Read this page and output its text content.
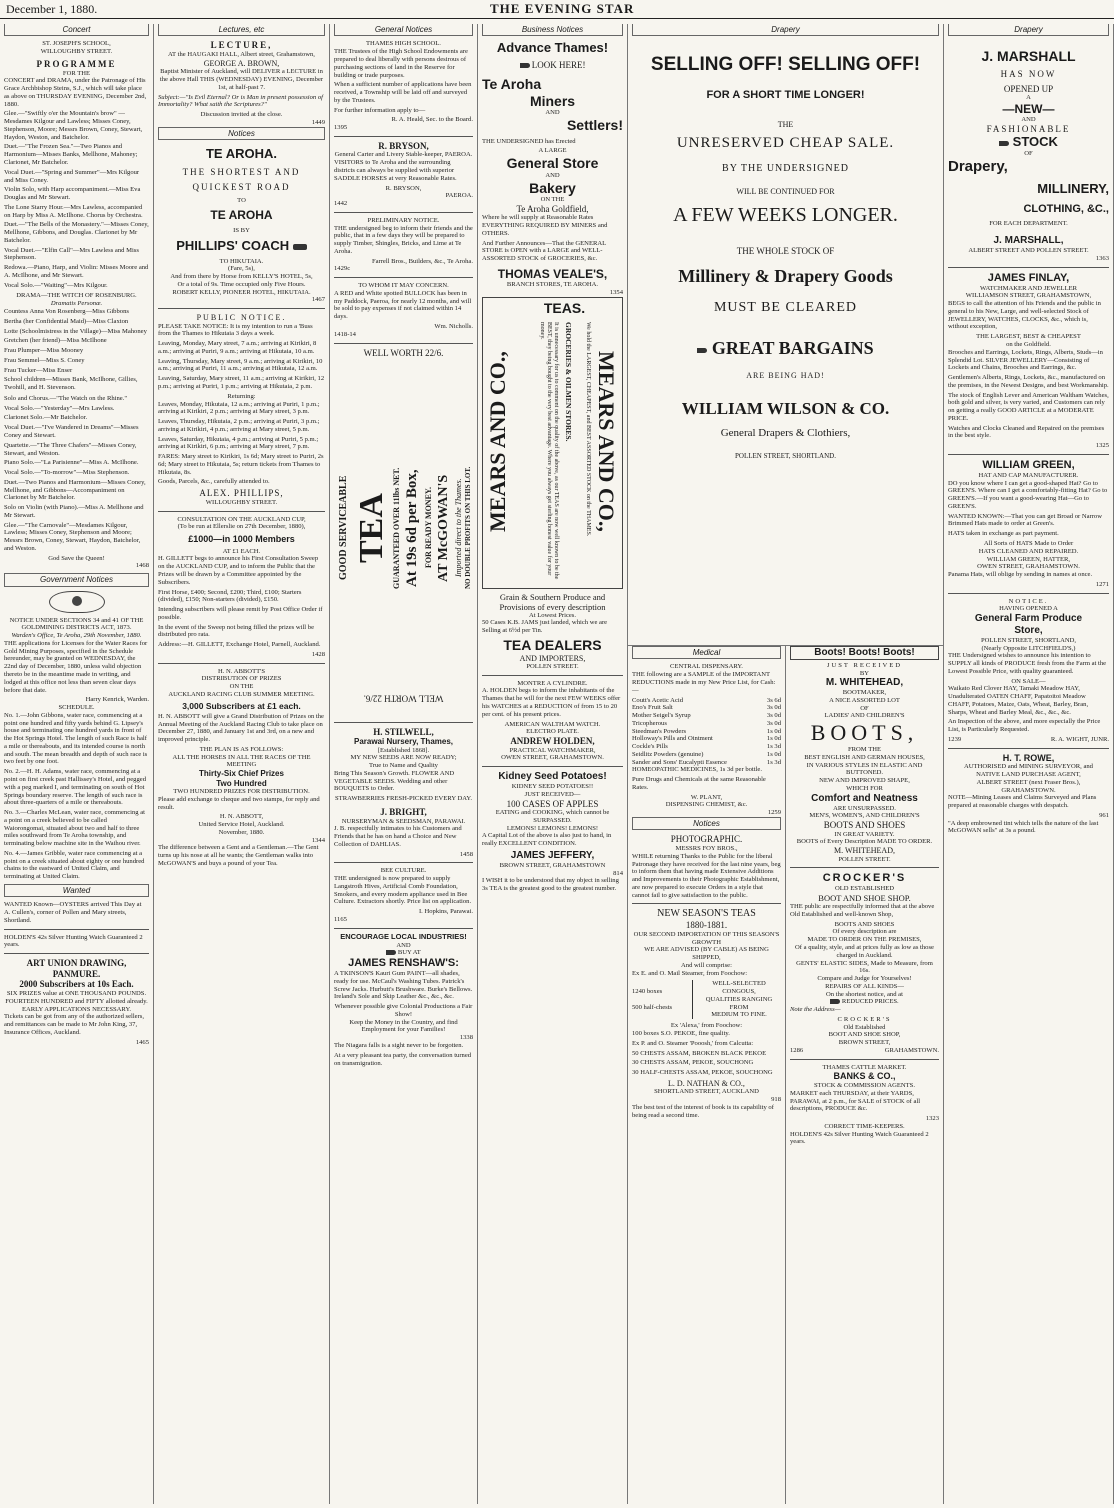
December 1, 1880.	THE EVENING STAR
Concert
ST. JOSEPH'S SCHOOL,
WILLOUGHBY STREET.
PROGRAMME
FOR THE
CONCERT and DRAMA, under the Patronage of His Grace Archbishop Steins, S.J., which will take place as above on THURSDAY EVENING, December 2nd, 1880.
Glee.—"Swiftly o'er the Mountain's brow" —Mesdames Kilgour and Lawless; Misses Coney, Stephenson, Moore; Messrs Brown, Coney, Stewart, Haydon, Weston, and Batchelor.
Duet.—"The Frozen Sea."—Two Pianos and Harmonium—Misses Banks, Mellhone, Mahoney; Clarionet, Mr Batchelor.
Vocal Duet.—"Spring and Summer"—Mrs Kilgour and Miss Coney.
Violin Solo, with Harp accompaniment.—Miss Eva Douglas and Mr Stewart.
The Lone Starry Hour.—Mrs Lawless, accompanied on Harp by Miss A. McIlhone. Chorus by Orchestra.
Duet.—"The Bells of the Monastery."—Misses Coney, Mellhone, Gibbons, and Douglas. Clarionet by Mr Batchelor.
Vocal Duet.—"Elfin Call"—Mrs Lawless and Miss Stephenson.
Redowa.—Piano, Harp, and Violin: Misses Moore and A. McIlhone, and Mr Stewart.
Vocal Solo.—"Waiting"—Mrs Kilgour.
DRAMA—THE WITCH OF ROSENBURG.
Dramatis Personæ.
Countess Anna Von Rosenberg—Miss Gibbons
Bertha (her Confidential Maid)—Miss Claxton
Lotte (Schoolmistress in the Village)—Miss Mahoney
Gretchen (her friend)—Miss McIlhone
Frau Plumper—Miss Mooney
Frau Semmel—Miss S. Coney
Frau Tucker—Miss Enser
School children—Misses Bank, McIlhone, Gillies, Twohill, and H. Stevenson.
Solo and Chorus.—"The Watch on the Rhine."
Vocal Solo.—"Yesterday"—Mrs Lawless.
Clarionet Solo.—Mr Batchelor.
Vocal Duet.—"I've Wandered in Dreams"—Misses Coney and Stewart.
Quartette.—"The Three Chafers"—Misses Coney, Stewart, and Weston.
Piano Solo.—"La Parisienne"—Miss A. McIlhone.
Vocal Solo.—"To-morrow"—Miss Stephenson.
Duet.—Two Pianos and Harmonium—Misses Coney, Mellhone, and Gibbons—Accompaniment on Clarionet by Mr Batchelor.
Solo on Violin (with Piano).—Miss A. Mellhone and Mr Stewart.
Glee.—"The Carnovale"—Mesdames Kilgour, Lawless; Misses Coney, Stephenson and Moore; Messrs Brown, Coney, Stewart, Haydon, Batchelor, and Weston.
God Save the Queen!
1468
Government Notices
NOTICE UNDER SECTIONS 34 and 41 OF THE GOLDMINING DISTRICTS ACT, 1873.
Warden's Office, Te Aroha, 29th November, 1880.
THE applications for Licenses for the Water Races for Gold Mining Purposes, specified in the Schedule hereunder, may be granted on WEDNESDAY, the 22nd day of December, 1880, unless valid objection thereto be in the meantime made in writing, and lodged at this office not less than seven clear days before that date.
Harry Kenrick, Warden.
SCHEDULE.
No. 1.—John Gibbons, water race, commencing at a point one hundred and fifty yards behind G. Lipsey's house and terminating one hundred yards in front of the Hot Springs Hotel. The length of such Race is half a mile or thereabouts, and its intended course is north and south. The mean breadth and depth of such race is two feet by one foot.
No. 2.—H. H. Adams, water race, commencing at a point on first creek past Hallissey's Hotel, and pegged with a peg marked I, and terminating on south of Hot Springs boundary reserve. The length of such race is about three-quarters of a mile or thereabouts.
No. 3.—Charles McLean, water race, commencing at a point on a creek believed to be called Waiorongomai, situated about two and half to three miles southward from Te Aroha township, and terminating below machine site in the Waihou river.
No. 4.—James Gribble, water race commencing at a point on a creek situated about eighty or one hundred chains to the eastward of United Claim, and terminating at United Claim.
Wanted
WANTED Known—OYSTERS arrived This Day at A. Cullen's, corner of Pollen and Mary streets, Shortland.
HOLDEN'S 42s Silver Hunting Watch Guaranteed 2 years.
ART UNION DRAWING, PANMURE.
2000 Subscribers at 10s Each.
SIX PRIZES value at ONE THOUSAND POUNDS.
FOURTEEN HUNDRED and FIFTY allotted already.
EARLY APPLICATIONS NECESSARY.
Tickets can be got from any of the authorized sellers, and remittances can be made to Mr John King, 37, Insurance Offices, Auckland.
1465
Lectures, etc
LECTURE,
AT the HAUGAKI HALL, Albert street, Grahamstown,
GEORGE A. BROWN,
Baptist Minister of Auckland, will DELIVER a LECTURE in the above Hall THIS (WEDNESDAY) EVENING, December 1st, at half-past 7.
Subject:—"Is Evil Eternal? Or is Man in present possession of Immortality? What saith the Scriptures?"
Discussion invited at the close.
1449
Notices
TE AROHA.
THE SHORTEST AND
QUICKEST ROAD
TO
TE AROHA
IS BY
PHILLIPS' COACH
TO HIKUTAIA.
(Fare, 5s),
And from there by Horse from KELLY'S HOTEL, 5s,
Or a total of 9s. Time occupied only Five Hours.
ROBERT KELLY, PIONEER HOTEL, HIKUTAIA.
1467
PUBLIC NOTICE.
PLEASE TAKE NOTICE: It is my intention to run a 'Buss from the Thames to Hikutaia 3 days a week.
Leaving, Monday, Mary street, 7 a.m.; arriving at Kirikiri, 8 a.m.; arriving at Puriri, 9 a.m.; arriving at Hikutaia, 10 a.m.
Leaving, Thursday, Mary street, 9 a.m.; arriving at Kirikiri, 10 a.m.; arriving at Puriri, 11 a.m.; arriving at Hikutaia, 12 a.m.
Leaving, Saturday, Mary street, 11 a.m.; arriving at Kirikiri, 12 p.m.; arriving at Puriri, 1 p.m.; arriving at Hikutaia, 2 p.m.
Returning:
Leaves, Monday, Hikutaia, 12 a.m.; arriving at Puriri, 1 p.m.; arriving at Kirikiri, 2 p.m.; arriving at Mary street, 3 p.m.
Leaves, Thursday, Hikutaia, 2 p.m.; arriving at Puriri, 3 p.m.; arriving at Kirikiri, 4 p.m.; arriving at Mary street, 5 p.m.
Leaves, Saturday, Hikutaia, 4 p.m.; arriving at Puriri, 5 p.m.; arriving at Kirikiri, 6 p.m.; arriving at Mary street, 7 p.m.
FARES: Mary street to Kirikiri, 1s 6d; Mary street to Puriri, 2s 6d; Mary street to Hikutaia, 5s; return tickets from Thames to Hikutaia, 8s.
Goods, Parcels, &c., carefully attended to.
ALEX. PHILLIPS,
WILLOUGHBY STREET.
CONSULTATION ON THE AUCKLAND CUP,
(To be run at Ellerslie on 27th December, 1880),
£1000—in 1000 Members
AT £1 EACH.
H. GILLETT begs to announce his First Consultation Sweep on the AUCKLAND CUP, and to inform the Public that the Prizes will be drawn by a Committee appointed by the Subscribers.
First Horse, £400; Second, £200; Third, £100; Starters (divided), £150; Non-starters (divided), £150.
Intending subscribers will please remit by Post Office Order if possible.
In the event of the Sweep not being filled the prizes will be distributed pro rata.
Address:—H. GILLETT, Exchange Hotel, Parnell, Auckland.
1428
H. N. ABBOTT'S
DISTRIBUTION OF PRIZES
ON THE
AUCKLAND RACING CLUB SUMMER MEETING.
3,000 Subscribers at £1 each.
H. N. ABBOTT will give a Grand Distribution of Prizes on the Annual Meeting of the Auckland Racing Club to take place on December 27, 1880, and January 1st and 3rd, on a new and improved principle.
THE PLAN IS AS FOLLOWS:
ALL THE HORSES IN ALL THE RACES OF THE MEETING
Thirty-Six Chief Prizes
Two Hundred
TWO HUNDRED PRIZES FOR DISTRIBUTION.
Please add exchange to cheque and two stamps, for reply and result.
H. N. ABBOTT,
United Service Hotel, Auckland.
November, 1880.
1344
The difference between a Gent and a Gentleman.—The Gent turns up his nose at all he wants; the Gentleman walks into McGOWAN'S and buys a pound of your Tea.
General Notices
THAMES HIGH SCHOOL.
THE Trustees of the High School Endowments are prepared to deal liberally with persons desirous of purchasing sections of land in the Reserve for building or trade purposes.
When a sufficient number of applications have been received, a Township will be laid off and surveyed by the Trustees.
For further information apply to—
R. A. Heald, Sec. to the Board.
1395
R. BRYSON,
General Carter and Livery Stable-keeper, PAEROA.
VISITORS to Te Aroha and the surrounding districts can always be supplied with superior SADDLE HORSES at very Reasonable Rates.
R. BRYSON,
PAEROA.
1442
PRELIMINARY NOTICE.
THE undersigned beg to inform their friends and the public, that in a few days they will be prepared to supply Timber, Shingles, Bricks, and Lime at Te Aroha.
Farrell Bros., Builders, &c., Te Aroha.
1429c
TO WHOM IT MAY CONCERN.
A RED and White spotted BULLOCK has been in my Paddock, Paeroa, for nearly 12 months, and will be sold to pay expenses if not claimed within 14 days.
Wm. Nicholls.
1418-14
WELL WORTH 22/6.
GOOD SERVICEABLE TEA GUARANTEED OVER 11lbs NET. At 19s 6d per Box, FOR READY MONEY. AT McGOWAN'S Imported direct to the Thames. NO DOUBLE PROFITS ON THIS LOT.
WELL WORTH 22/6.
H. STILWELL,
Parawai Nursery, Thames,
[Established 1868].
MY NEW SEEDS ARE NOW READY;
True to Name and Quality
Bring This Season's Growth. FLOWER AND VEGETABLE SEEDS. Wedding and other BOUQUETS to Order.
STRAWBERRIES FRESH-PICKED EVERY DAY.
J. BRIGHT,
NURSERYMAN & SEEDSMAN, PARAWAI.
J. B. respectfully intimates to his Customers and Friends that he has on hand a Choice and New Collection of DAHLIAS.
1458
BEE CULTURE.
THE undersigned is now prepared to supply Langstroth Hives, Artificial Comb Foundation, Smokers, and every modern appliance used in Bee Culture. Extractors shortly. Price list on application.
I. Hopkins, Parawai.
1165
ENCOURAGE LOCAL INDUSTRIES!
AND
BUY AT
JAMES RENSHAW'S:
A TKINSON'S Kauri Gum PAINT—all shades, ready for use. McCaul's Washing Tubes. Patrick's Screw Jacks. Hurbutt's Brushware. Burke's Bellows. Ireland's Sole and Skip Leather &c., &c., &c.
Whenever possible give Colonial Productions a Fair Show!
Keep the Money in the Country, and find Employment for your Families!
1338
The Niagara falls is a sight never to be forgotten.
At a very pleasant tea party, the conversation turned on transmigration.
Business Notices
Advance Thames!
LOOK HERE!
Te Aroha
Miners
AND
Settlers!
THE UNDERSIGNED has Erected
A LARGE
General Store
AND
Bakery
ON THE
Te Aroha Goldfield,
Where he will supply at Reasonable Rates EVERYTHING REQUIRED BY MINERS and OTHERS.
And Further Announces—That the GENERAL STORE is OPEN with a LARGE and WELL-ASSORTED STOCK of GROCERIES, &c.
THOMAS VEALE'S,
BRANCH STORES, TE AROHA.
1354
TEAS.
MEARS AND CO.,	MEARS AND CO.,
It is unnecessary for us to comment on the quality of the above, as our TEAS are now well known to be the BEST, they being bought to the very best advantage. Where you always get sterling honest value for your money.	GROCERIES & OILMEN STORES.	We hold the LARGEST, CHEAPEST, and BEST ASSORTED STOCK on the THAMES.
Grain & Southern Produce and Provisions of every description
At Lowest Prices.
50 Cases K.B. JAMS just landed, which we are Selling at 6½d per Tin.
TEA DEALERS
AND IMPORTERS,
POLLEN STREET.
MONTRE A CYLINDRE.
A. HOLDEN begs to inform the inhabitants of the Thames that he will for the next FEW WEEKS offer his WATCHES at a REDUCTION of from 15 to 20 per cent. of his present prices.
AMERICAN WALTHAM WATCH.
ELECTRO PLATE.
ANDREW HOLDEN,
PRACTICAL WATCHMAKER,
OWEN STREET, GRAHAMSTOWN.
Kidney Seed Potatoes!
KIDNEY SEED POTATOES!!
JUST RECEIVED—
100 CASES OF APPLES
EATING and COOKING, which cannot be SURPASSED.
LEMONS! LEMONS! LEMONS!
A Capital Lot of the above is also just to hand, in really EXCELLENT CONDITION.
JAMES JEFFERY,
BROWN STREET, GRAHAMSTOWN
814
I WISH it to be understood that my object in selling 3s TEA is the greatest good to the greatest number.
Drapery
SELLING OFF! SELLING OFF!
FOR A SHORT TIME LONGER!
THE
UNRESERVED CHEAP SALE.
BY THE UNDERSIGNED
WILL BE CONTINUED FOR
A FEW WEEKS LONGER.
THE WHOLE STOCK OF
Millinery & Drapery Goods
MUST BE CLEARED
GREAT BARGAINS
ARE BEING HAD!
WILLIAM WILSON & CO.
General Drapers & Clothiers,
POLLEN STREET, SHORTLAND.
Medical
CENTRAL DISPENSARY.
THE following are a SAMPLE of the IMPORTANT REDUCTIONS made in my New Price List, for Cash:—
Coutt's Acetic Acid	3s 6d
Eno's Fruit Salt	3s 0d
Mother Seigel's Syrup	3s 0d
Tricopherous	3s 0d
Steedman's Powders	1s 0d
Holloway's Pills and Ointment	1s 0d
Cockle's Pills	1s 3d
Seidlitz Powders (genuine)	1s 0d
Sander and Sons' Eucalypti Essence	1s 3d
HOMEOPATHIC MEDICINES, 1s 3d per bottle.
Pure Drugs and Chemicals at the same Reasonable Rates.
W. PLANT,
DISPENSING CHEMIST, &c.
1259
Notices
PHOTOGRAPHIC.
MESSRS FOY BROS.,
WHILE returning Thanks to the Public for the liberal Patronage they have received for the last nine years, beg to inform them that having made Extensive Additions and Improvements to their Photographic Establishment, are now prepared to execute Orders in a style that cannot fail to give satisfaction to the public.
NEW SEASON'S TEAS
1880-1881.
OUR SECOND IMPORTATION OF THIS SEASON'S GROWTH
WE ARE ADVISED (BY CABLE) AS BEING SHIPPED,
And will comprise:
Ex E. and O. Mail Steamer, from Foochow:
1240 boxes
500 half-chests
WELL-SELECTED
CONGOUS,
QUALITIES RANGING FROM
MEDIUM TO FINE.
Ex 'Alexa,' from Foochow:
100 boxes S.O. PEKOE, fine quality.
Ex P. and O. Steamer 'Pooosh,' from Calcutta:
50 CHESTS ASSAM, BROKEN BLACK PEKOE
30 CHESTS ASSAM, PEKOE, SOUCHONG
30 HALF-CHESTS ASSAM, PEKOE, SOUCHONG
L. D. NATHAN & CO.,
SHORTLAND STREET, AUCKLAND
918
The best test of the interest of book is its capability of being read a second time.
Boots! Boots! Boots!
JUST RECEIVED
BY
M. WHITEHEAD,
BOOTMAKER,
A NICE ASSORTED LOT
OF
LADIES' AND CHILDREN'S
BOOTS,
FROM THE
BEST ENGLISH AND GERMAN HOUSES,
IN VARIOUS STYLES IN ELASTIC AND BUTTONED.
NEW AND IMPROVED SHAPE,
WHICH FOR
Comfort and Neatness
ARE UNSURPASSED.
MEN'S, WOMEN'S, AND CHILDREN'S
BOOTS AND SHOES
IN GREAT VARIETY.
BOOTS of Every Description MADE TO ORDER.
M. WHITEHEAD,
POLLEN STREET.
CROCKER'S
OLD ESTABLISHED
BOOT AND SHOE SHOP.
THE public are respectfully informed that at the above Old Established and well-known Shop,
BOOTS AND SHOES
Of every description are
MADE TO ORDER ON THE PREMISES,
Of a quality, style, and at prices fully as low as those charged in Auckland.
GENTS' ELASTIC SIDES, Made to Measure, from 16s.
Compare and Judge for Yourselves!
REPAIRS OF ALL KINDS—
On the shortest notice, and at
REDUCED PRICES.
Note the Address—
CROCKER'S
Old Established
BOOT AND SHOE SHOP,
BROWN STREET,
1286	GRAHAMSTOWN.
THAMES CATTLE MARKET.
BANKS & CO.,
STOCK & COMMISSION AGENTS.
MARKET each THURSDAY, at their YARDS, PARAWAI, at 2 p.m., for SALE of STOCK of all descriptions, PRODUCE &c.
1323
CORRECT TIME-KEEPERS.
HOLDEN'S 42s Silver Hunting Watch Guaranteed 2 years.
Drapery
J. MARSHALL
HAS NOW
OPENED UP
A
—NEW—
AND
FASHIONABLE
STOCK
OF
Drapery,
MILLINERY,
CLOTHING, &C.,
FOR EACH DEPARTMENT.
J. MARSHALL,
ALBERT STREET AND POLLEN STREET.
1363
JAMES FINLAY,
WATCHMAKER AND JEWELLER
WILLIAMSON STREET, GRAHAMSTOWN,
BEGS to call the attention of his Friends and the public in general to his New, Large, and well-selected Stock of JEWELLERY, WATCHES, CLOCKS, &c., which is, without exception,
THE LARGEST, BEST & CHEAPEST
on the Goldfield.
Brooches and Earrings, Lockets, Rings, Alberts, Studs—in Splendid Lot. SILVER JEWELLERY—Consisting of Lockets and Chains, Brooches and Earrings, &c.
Gentlemen's Alberts, Rings, Lockets, &c., manufactured on the premises, in the Newest Designs, and best Workmanship.
The stock of English Lever and American Waltham Watches, both gold and silver, is very varied, and Customers can rely on getting a really GOOD ARTICLE at a MODERATE PRICE.
Watches and Clocks Cleaned and Repaired on the premises in the best style.
1325
WILLIAM GREEN,
HAT AND CAP MANUFACTURER.
DO you know where I can get a good-shaped Hat? Go to GREEN'S. Where can I get a comfortably-fitting Hat? Go to GREEN'S.—If you want a good-wearing Hat—Go to GREEN'S.
WANTED KNOWN:—That you can get Broad or Narrow Brimmed Hats made to order at Green's.
HATS taken in exchange as part payment.
All Sorts of HATS Made to Order
HATS CLEANED AND REPAIRED.
WILLIAM GREEN, HATTER,
OWEN STREET, GRAHAMSTOWN.
Panama Hats, will oblige by sending in names at once.
1271
NOTICE.
HAVING OPENED A
General Farm Produce
Store,
POLLEN STREET, SHORTLAND,
(Nearly Opposite LITCHFIELD'S,)
THE Undersigned wishes to announce his intention to SUPPLY all kinds of PRODUCE fresh from the Farm at the Lowest Possible Price, with quality guaranteed.
ON SALE—
Waikato Red Clover HAY, Tamaki Meadow HAY, Unadulterated OATEN CHAFF, Papatoitoi Meadow CHAFF, Potatoes, Maize, Oats, Wheat, Barley, Bran, Sharps, Wheat and Barley Meal, &c., &c., &c.
An Inspection of the above, and more especially the Price List, is Particularly Requested.
1239	R. A. WIGHT, JUNR.
H. T. ROWE,
AUTHORISED and MINING SURVEYOR, and
NATIVE LAND PURCHASE AGENT,
ALBERT STREET (next Fraser Bros.),
GRAHAMSTOWN.
NOTE—Mining Leases and Claims Surveyed and Plans prepared at reasonable charges with despatch.
961
"A deep embrowned tint which tells the nature of the last McGOWAN sells" at 3s a pound.
